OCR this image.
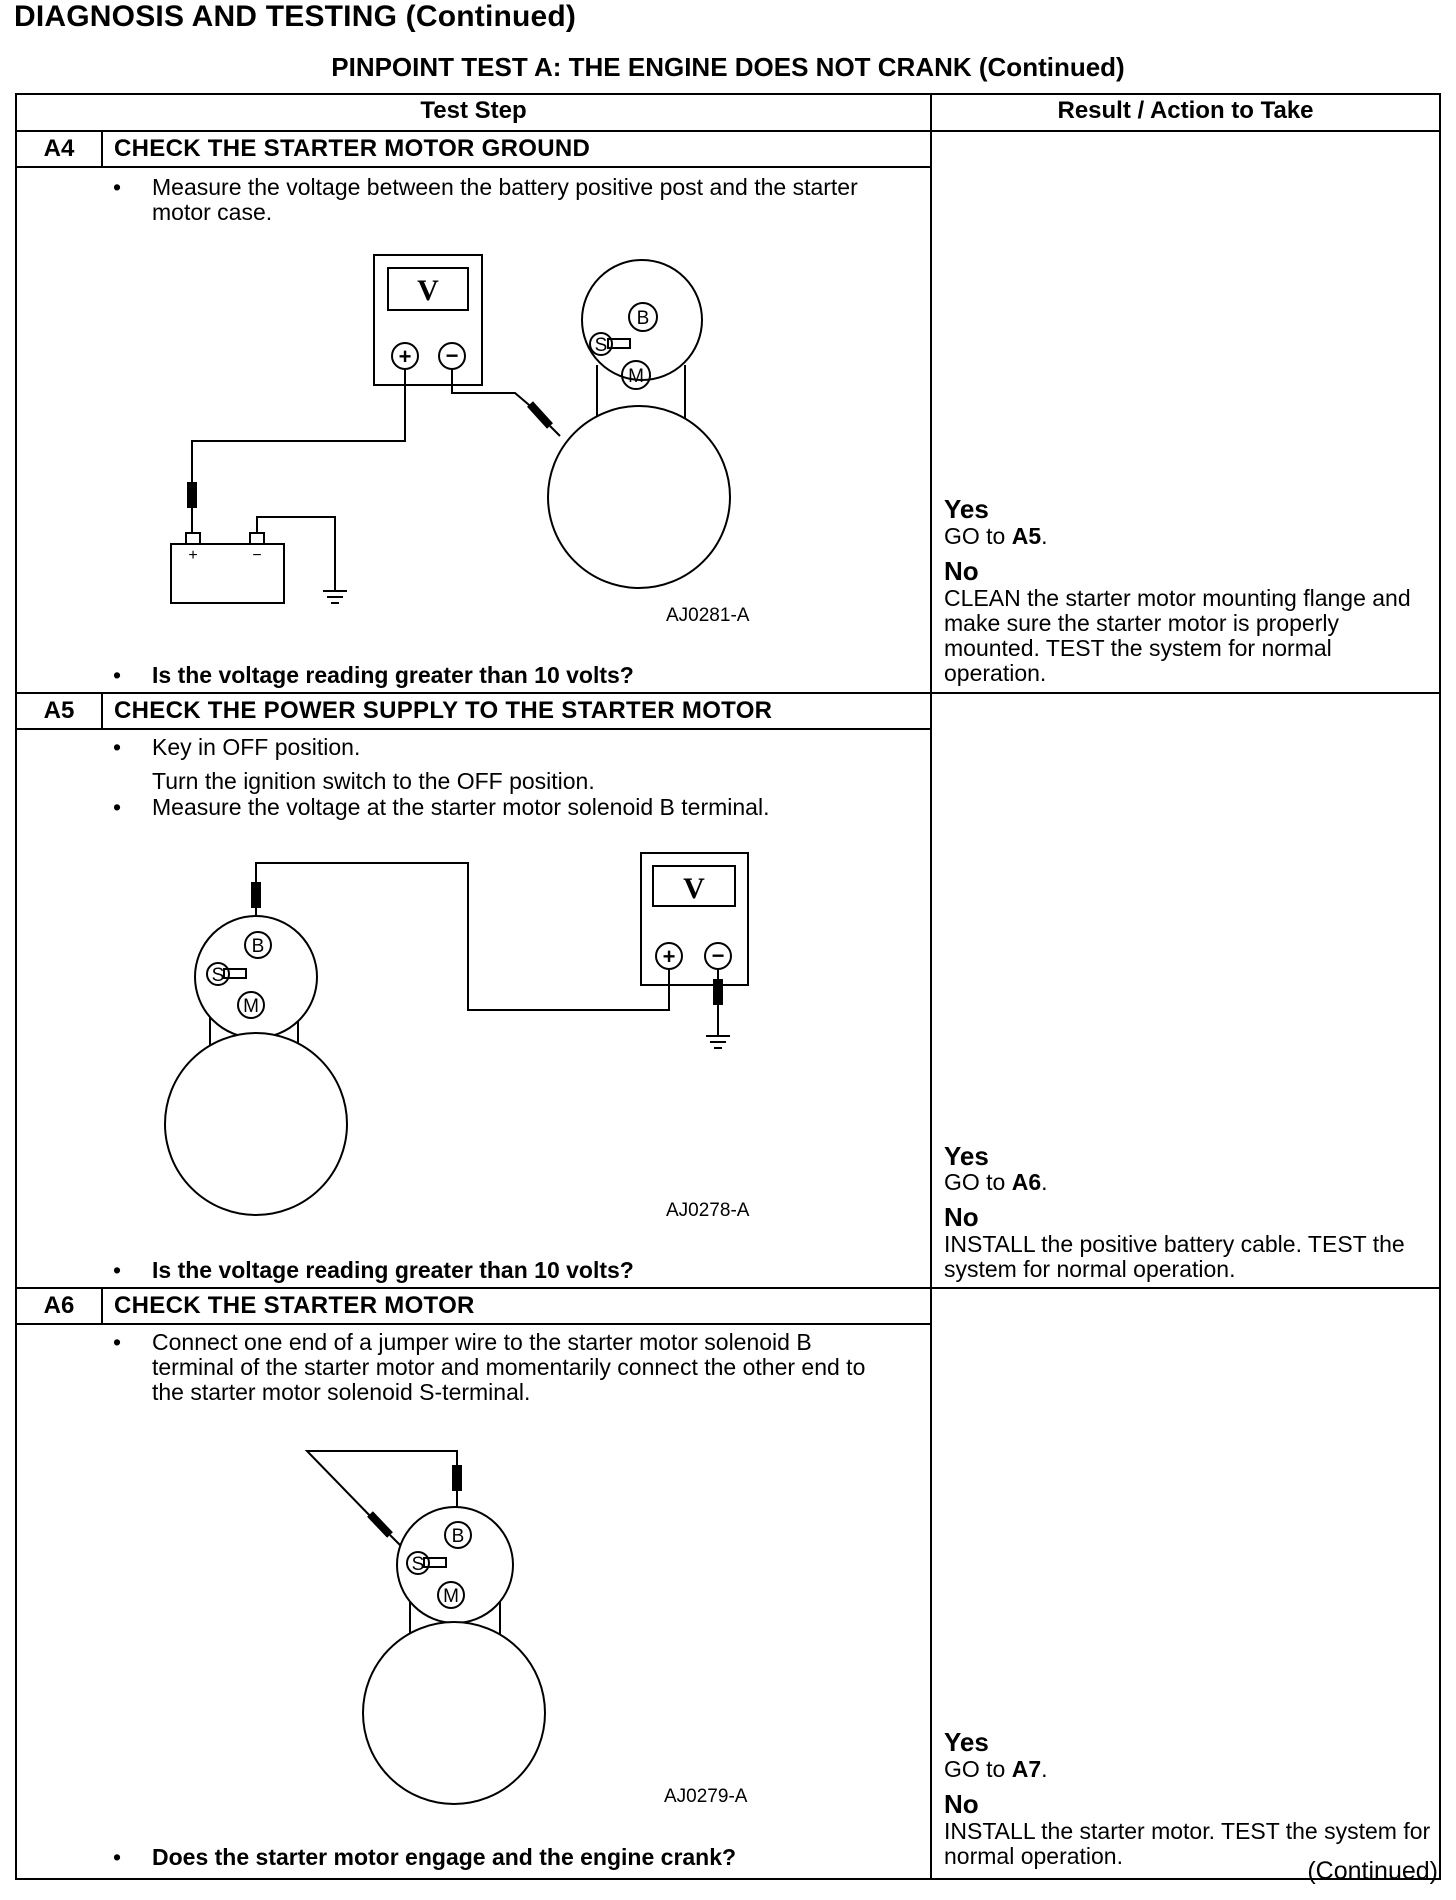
DIAGNOSIS AND TESTING (Continued)
PINPOINT TEST A: THE ENGINE DOES NOT CRANK (Continued)
V
V
+ −
+ −
+	−
B
S
M
B
S
M
B
S
M
Test Step	Result / Action to Take
A4	CHECK THE STARTER MOTOR GROUND
• Measure the voltage between the battery positive post and the starter motor case.
AJ0281-A
• Is the voltage reading greater than 10 volts?
Yes
GO to A5.
No
CLEAN the starter motor mounting flange and make sure the starter motor is properly mounted. TEST the system for normal operation.
A5	CHECK THE POWER SUPPLY TO THE STARTER MOTOR
• Key in OFF position.
Turn the ignition switch to the OFF position.
• Measure the voltage at the starter motor solenoid B terminal.
AJ0278-A
• Is the voltage reading greater than 10 volts?
Yes
GO to A6.
No
INSTALL the positive battery cable. TEST the system for normal operation.
A6	CHECK THE STARTER MOTOR
• Connect one end of a jumper wire to the starter motor solenoid B terminal of the starter motor and momentarily connect the other end to the starter motor solenoid S-terminal.
AJ0279-A
• Does the starter motor engage and the engine crank?
Yes
GO to A7.
No
INSTALL the starter motor. TEST the system for normal operation.
(Continued)
